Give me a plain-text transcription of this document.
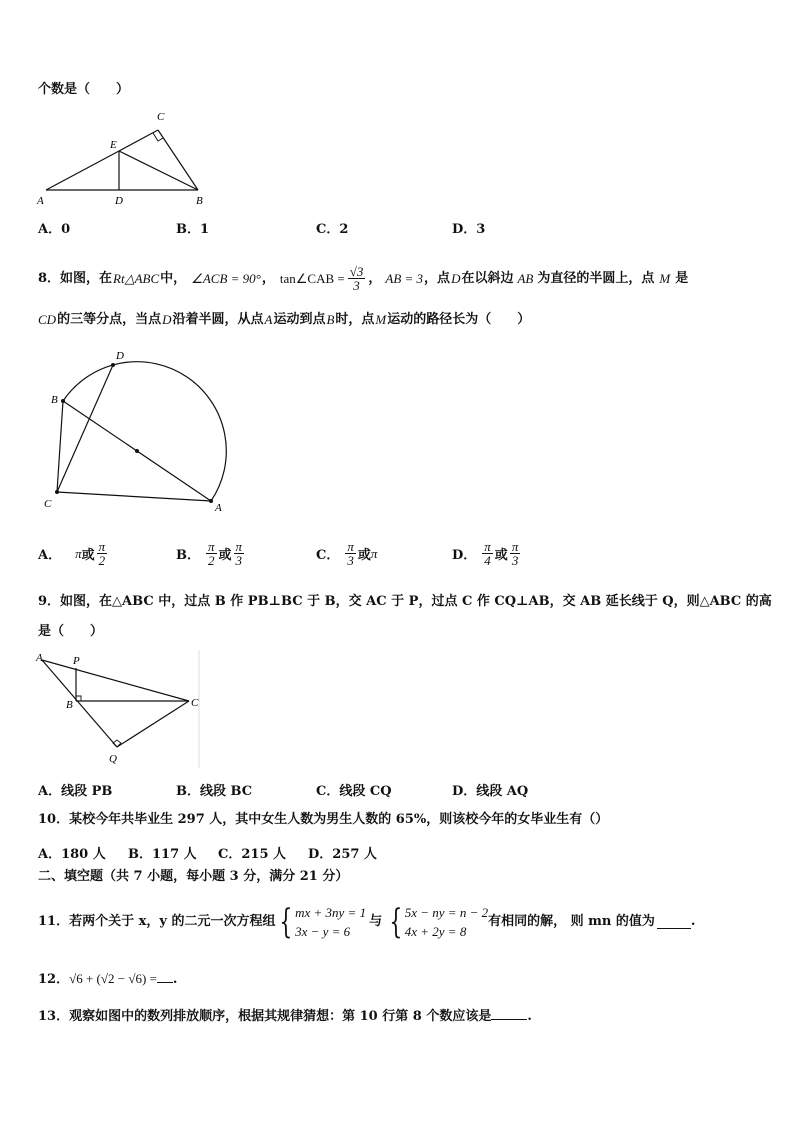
个数是（　　）
A	D	B
C
E
A．0	B．1	C．2	D．3
8．如图，在 Rt△ABC 中， ∠ACB = 90° ， tan∠CAB = $\frac{√3}{3}$ ， AB = 3 ，点 D 在以斜边 AB 为直径的半圆上，点 M 是
CD 的三等分点，当点 D 沿着半圆，从点 A 运动到点 B 时，点 M 运动的路径长为（　　）
B
C	A
D
A． π 或 $\frac{\pi}{2}$	B． $\frac{\pi}{2}$ 或 $\frac{\pi}{3}$	C． $\frac{\pi}{3}$ 或 π	D． $\frac{\pi}{4}$ 或 $\frac{\pi}{3}$
9．如图，在△ABC 中，过点 B 作 PB⊥BC 于 B，交 AC 于 P，过点 C 作 CQ⊥AB，交 AB 延长线于 Q，则△ABC 的高
是（　　）
A	P
B	C
Q
A．线段 PB	B．线段 BC	C．线段 CQ	D．线段 AQ
10．某校今年共毕业生 297 人，其中女生人数为男生人数的 65%，则该校今年的女毕业生有（）
A．180 人 B．117 人 C．215 人 D．257 人
二、填空题（共 7 小题，每小题 3 分，满分 21 分）
11．若两个关于 x，y 的二元一次方程组 { mx + 3ny = 1
3x − y = 6
与 { 5x − ny = n − 2
4x + 2y = 8
有相同的解， 则 mn 的值为	.
12． √6 + (√2 − √6) = .
13．观察如图中的数列排放顺序，根据其规律猜想：第 10 行第 8 个数应该是	.
